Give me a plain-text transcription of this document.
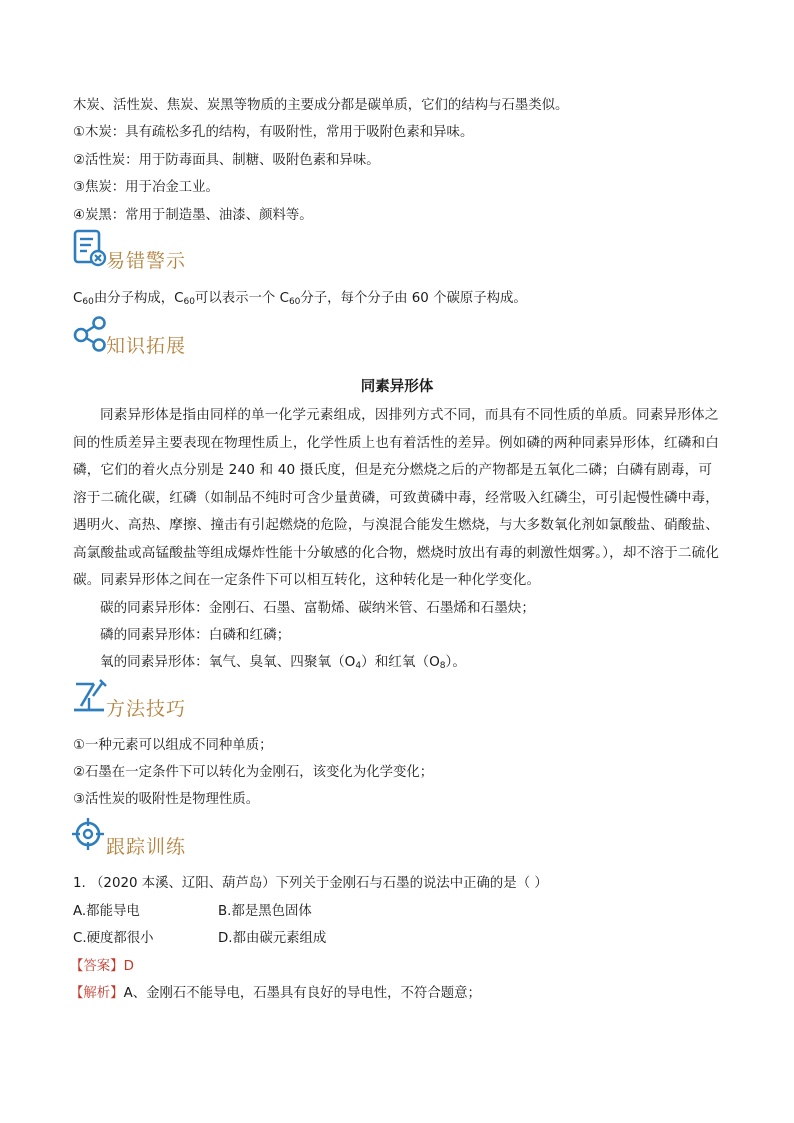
木炭、活性炭、焦炭、炭黑等物质的主要成分都是碳单质，它们的结构与石墨类似。
①木炭：具有疏松多孔的结构，有吸附性，常用于吸附色素和异味。
②活性炭：用于防毒面具、制糖、吸附色素和异味。
③焦炭：用于冶金工业。
④炭黑：常用于制造墨、油漆、颜料等。
易错警示
$C_{60}$由分子构成，$C_{60}$可以表示一个 $C_{60}$分子，每个分子由 60 个碳原子构成。
知识拓展
同素异形体
同素异形体是指由同样的单一化学元素组成，因排列方式不同，而具有不同性质的单质。同素异形体之间的性质差异主要表现在物理性质上，化学性质上也有着活性的差异。例如磷的两种同素异形体，红磷和白磷，它们的着火点分别是 240 和 40 摄氏度，但是充分燃烧之后的产物都是五氧化二磷；白磷有剧毒，可溶于二硫化碳，红磷（如制品不纯时可含少量黄磷，可致黄磷中毒，经常吸入红磷尘，可引起慢性磷中毒，遇明火、高热、摩擦、撞击有引起燃烧的危险，与溴混合能发生燃烧，与大多数氧化剂如氯酸盐、硝酸盐、高氯酸盐或高锰酸盐等组成爆炸性能十分敏感的化合物，燃烧时放出有毒的刺激性烟雾。），却不溶于二硫化碳。同素异形体之间在一定条件下可以相互转化，这种转化是一种化学变化。
碳的同素异形体：金刚石、石墨、富勒烯、碳纳米管、石墨烯和石墨炔；
磷的同素异形体：白磷和红磷；
氧的同素异形体：氧气、臭氧、四聚氧$(O_4)$和红氧$(O_8)$。
方法技巧
①一种元素可以组成不同种单质；
②石墨在一定条件下可以转化为金刚石，该变化为化学变化；
③活性炭的吸附性是物理性质。
跟踪训练
1. （2020 本溪、辽阳、葫芦岛）下列关于金刚石与石墨的说法中正确的是（ ）
A.都能导电	B.都是黑色固体
C.硬度都很小	D.都由碳元素组成
【答案】D
【解析】A、金刚石不能导电，石墨具有良好的导电性，不符合题意；
